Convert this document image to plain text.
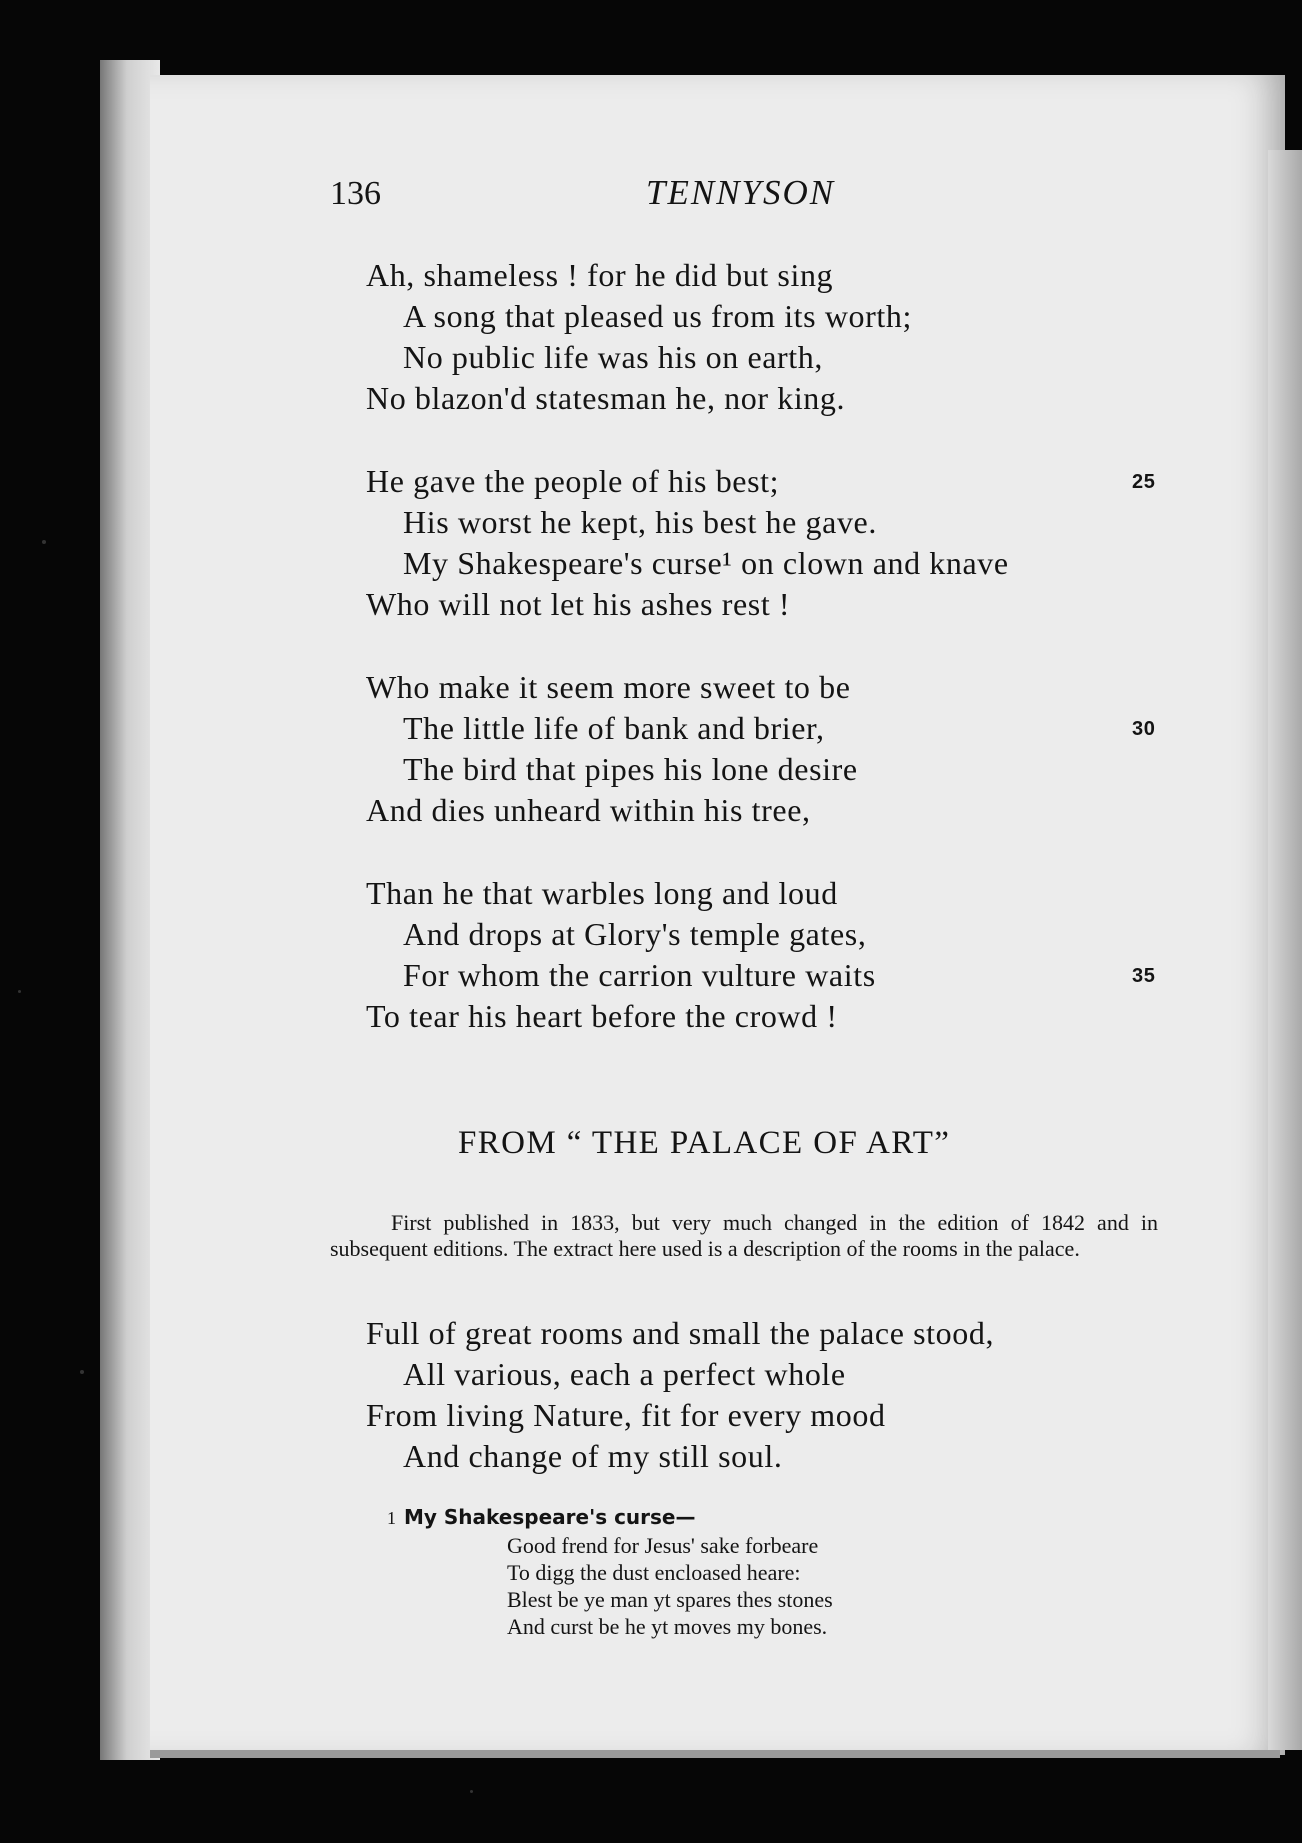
136	TENNYSON
Ah, shameless ! for he did but sing
A song that pleased us from its worth;
No public life was his on earth,
No blazon'd statesman he, nor king.
He gave the people of his best;	25
His worst he kept, his best he gave.
My Shakespeare's curse¹ on clown and knave
Who will not let his ashes rest !
Who make it seem more sweet to be
The little life of bank and brier,	30
The bird that pipes his lone desire
And dies unheard within his tree,
Than he that warbles long and loud
And drops at Glory's temple gates,
For whom the carrion vulture waits	35
To tear his heart before the crowd !
FROM “ THE PALACE OF ART”
First published in 1833, but very much changed in the edition of 1842 and in subsequent editions. The extract here used is a description of the rooms in the palace.
Full of great rooms and small the palace stood,
All various, each a perfect whole
From living Nature, fit for every mood
And change of my still soul.
1 My Shakespeare's curse—
Good frend for Jesus' sake forbeare
To digg the dust encloased heare:
Blest be ye man yt spares thes stones
And curst be he yt moves my bones.
